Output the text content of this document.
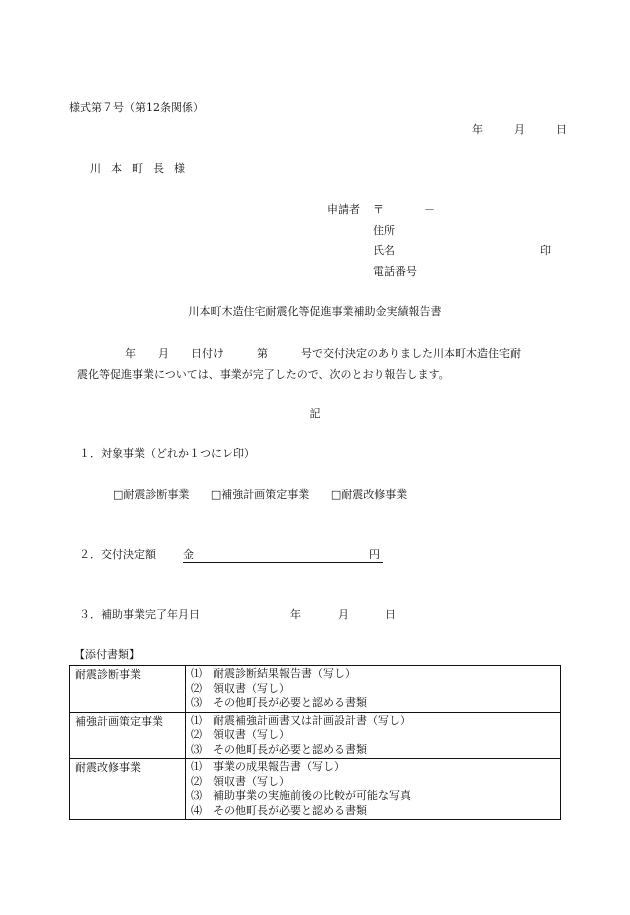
様式第７号（第12条関係）
年	月	日
川本町長様
申請者 〒	－
住所
氏名	印
電話番号
川本町木造住宅耐震化等促進事業補助金実績報告書
年　　月　　日付け　　　第　　　号で交付決定のありました川本町木造住宅耐
震化等促進事業については、事業が完了したので、次のとおり報告します。
記
１．対象事業（どれか１つにレ印）
□耐震診断事業 □補強計画策定事業 □耐震改修事業
２．交付決定額 金	円
３．補助事業完了年月日	年	月	日
【添付書類】
耐震診断事業	⑴ 耐震診断結果報告書（写し）
⑵ 領収書（写し）
⑶ その他町長が必要と認める書類

補強計画策定事業	⑴ 耐震補強計画書又は計画設計書（写し）
⑵ 領収書（写し）
⑶ その他町長が必要と認める書類

耐震改修事業	⑴ 事業の成果報告書（写し）
⑵ 領収書（写し）
⑶ 補助事業の実施前後の比較が可能な写真
⑷ その他町長が必要と認める書類
